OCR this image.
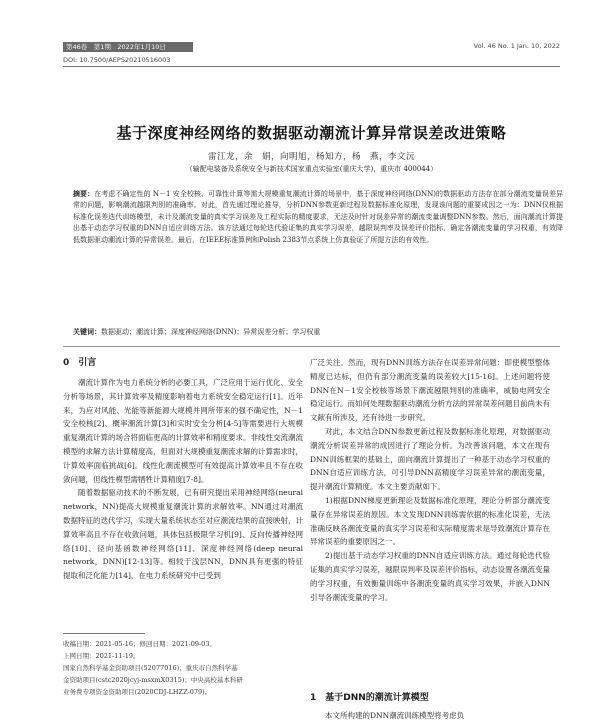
第46卷　第1期　2022年1月10日
DOI: 10.7500/AEPS20210516003
Vol. 46 No. 1 Jan. 10, 2022
基于深度神经网络的数据驱动潮流计算异常误差改进策略
雷江龙，余　娟，向明旭，杨知方，杨　燕，李文沅
（输配电装备及系统安全与新技术国家重点实验室(重庆大学)，重庆市 400044）
摘要：在考虑不确定性的 N－1 安全校核、可靠性计算等需大规模重复潮流计算的场景中，基于深度神经网络(DNN)的数据驱动方法存在部分潮流变量误差异常的问题，影响潮流越限判别的准确率。对此，首先通过理论推导，分析DNN参数更新过程及数据标准化原理，发现该问题的重要成因之一为：DNN仅根据标准化误差迭代训练模型，未计及潮流变量的真实学习误差及工程实际的精度要求，无法及时针对误差异常的潮流变量调整DNN参数。然后，面向潮流计算提出基于动态学习权重的DNN自适应训练方法。该方法通过每轮迭代验证集的真实学习误差，越限误判率及误差评价指标，确定各潮流变量的学习权重，有效降低数据驱动潮流计算的异常误差。最后，在IEEE标准算例和Polish 2383节点系统上仿真验证了所提方法的有效性。
关键词：数据驱动；潮流计算；深度神经网络(DNN)；异常误差分析；学习权重
0　引言

潮流计算作为电力系统分析的必要工具，广泛应用于运行优化、安全分析等场景，其计算效率及精度影响着电力系统安全稳定运行[1]。近年来，为应对风能、光能等新能源大规模并网所带来的强不确定性，N－1安全校核[2]、概率潮流计算[3]和实时安全分析[4-5]等需要进行大规模重复潮流计算的场合将面临更高的计算效率和精度要求。非线性交流潮流模型的求解方法计算精度高，但面对大规模重复潮流求解的计算需求时，计算效率面临挑战[6]。线性化潮流模型可有效提高计算效率且不存在收敛问题，但线性模型需牺牲计算精度[7-8]。

随着数据驱动技术的不断发展，已有研究提出采用神经网络(neural network，NN)提高大规模重复潮流计算的求解效率。NN通过对潮流数据特征的迭代学习，实现大量系统状态至对应潮流结果的直接映射，计算效率高且不存在收敛问题，具体包括极限学习机[9]、反向传播神经网络[10]、径向基函数神经网络[11]、深度神经网络(deep neural network，DNN)[12-13]等。相较于浅层NN，DNN具有更强的特征提取和泛化能力[14]，在电力系统研究中已受到

广泛关注。然而，现有DNN训练方法存在误差异常问题：即使模型整体精度已达标，但仍有部分潮流变量的误差较大[15-16]。上述问题将使DNN在N－1安全校核等场景下潮流越限判别的准确率，威胁电网安全稳定运行。而如何处理数据驱动潮流分析方法的异常误差问题目前尚未有文献有所涉及，还有待进一步研究。

对此，本文结合DNN参数更新过程及数据标准化原理，对数据驱动潮流分析误差异常的成因进行了理论分析。为改善该问题，本文在现有DNN训练框架的基础上，面向潮流计算提出了一种基于动态学习权重的DNN自适应训练方法，可引导DNN高精度学习误差异常的潮流变量，提升潮流计算精度。本文主要贡献如下。

1)根据DNN梯度更新理论及数据标准化原理，理论分析部分潮流变量存在异常误差的原因。本文发现DNN训练需依据的标准化误差，无法准确反映各潮流变量的真实学习误差和实际精度需求是导致潮流计算存在异常误差的重要原因之一。

2)提出基于动态学习权重的DNN自适应训练方法。通过每轮迭代验证集的真实学习误差，越限误判率及误差评价指标，动态设置各潮流变量的学习权重，有效衡量训练中各潮流变量的真实学习效果，并嵌入DNN引导各潮流变量的学习。

收稿日期：2021-05-16；修回日期：2021-09-03。
上网日期：2021-11-19。
国家自然科学基金资助项目(52077016)；重庆市自然科学基
金资助项目(cstc2020jcyj-msxmX0315)；中央高校基本科研
业务费专项资金资助项目(2020CDJ-LHZZ-079)。
1　基于DNN的潮流计算模型
本文所构建的DNN潮流训练模型将考虑负
